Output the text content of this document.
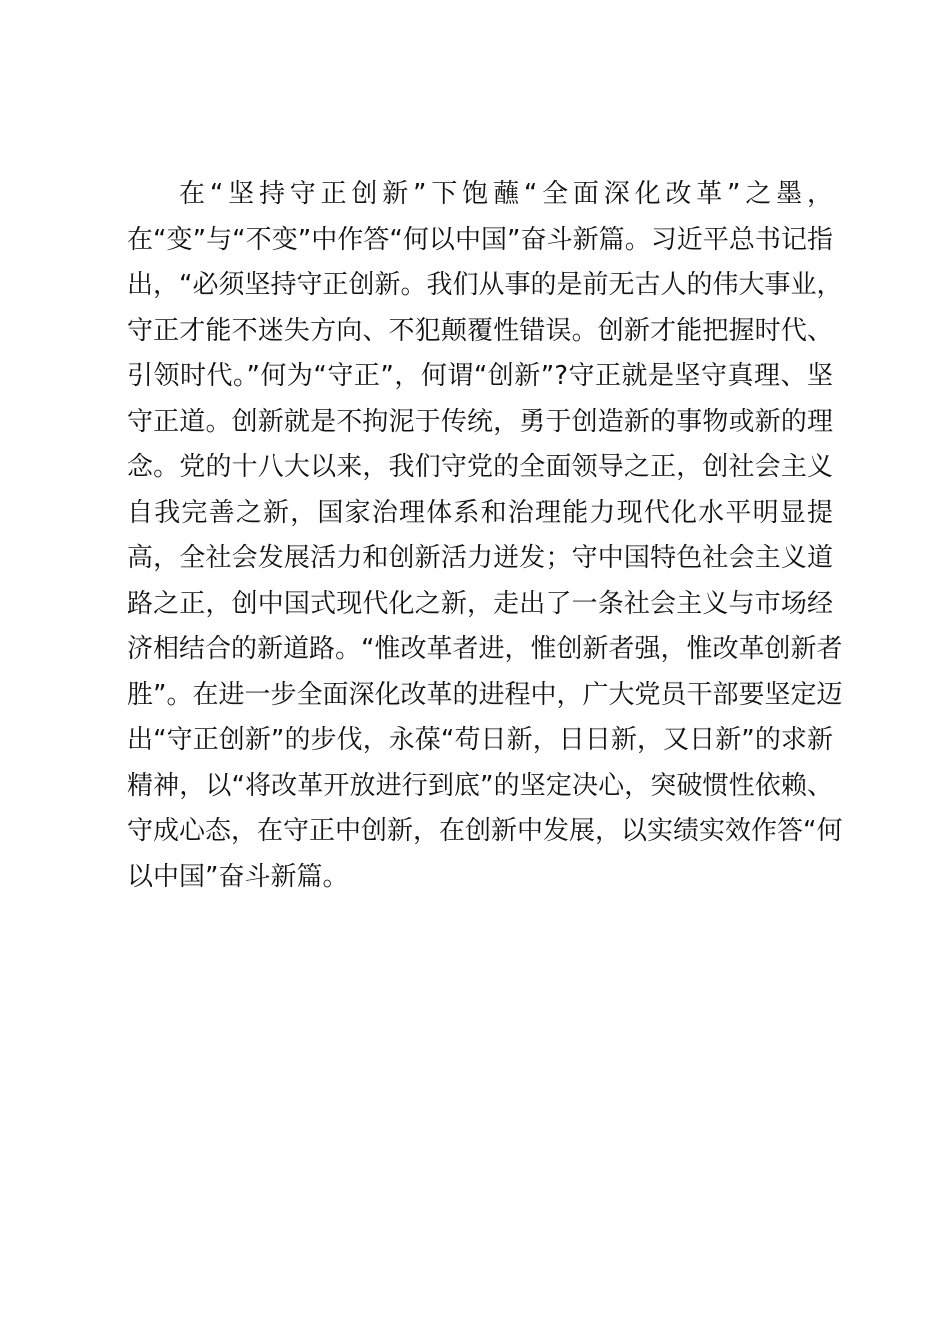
在“坚持守正创新”下饱蘸“全面深化改革”之墨，
在“变”与“不变”中作答“何以中国”奋斗新篇。习近平总书记指
出，“必须坚持守正创新。我们从事的是前无古人的伟大事业，
守正才能不迷失方向、不犯颠覆性错误。创新才能把握时代、
引领时代。”何为“守正”，何谓“创新”?守正就是坚守真理、坚
守正道。创新就是不拘泥于传统，勇于创造新的事物或新的理
念。党的十八大以来，我们守党的全面领导之正，创社会主义
自我完善之新，国家治理体系和治理能力现代化水平明显提
高，全社会发展活力和创新活力迸发；守中国特色社会主义道
路之正，创中国式现代化之新，走出了一条社会主义与市场经
济相结合的新道路。“惟改革者进，惟创新者强，惟改革创新者
胜”。在进一步全面深化改革的进程中，广大党员干部要坚定迈
出“守正创新”的步伐，永葆“苟日新，日日新，又日新”的求新
精神，以“将改革开放进行到底”的坚定决心，突破惯性依赖、
守成心态，在守正中创新，在创新中发展，以实绩实效作答“何
以中国”奋斗新篇。
